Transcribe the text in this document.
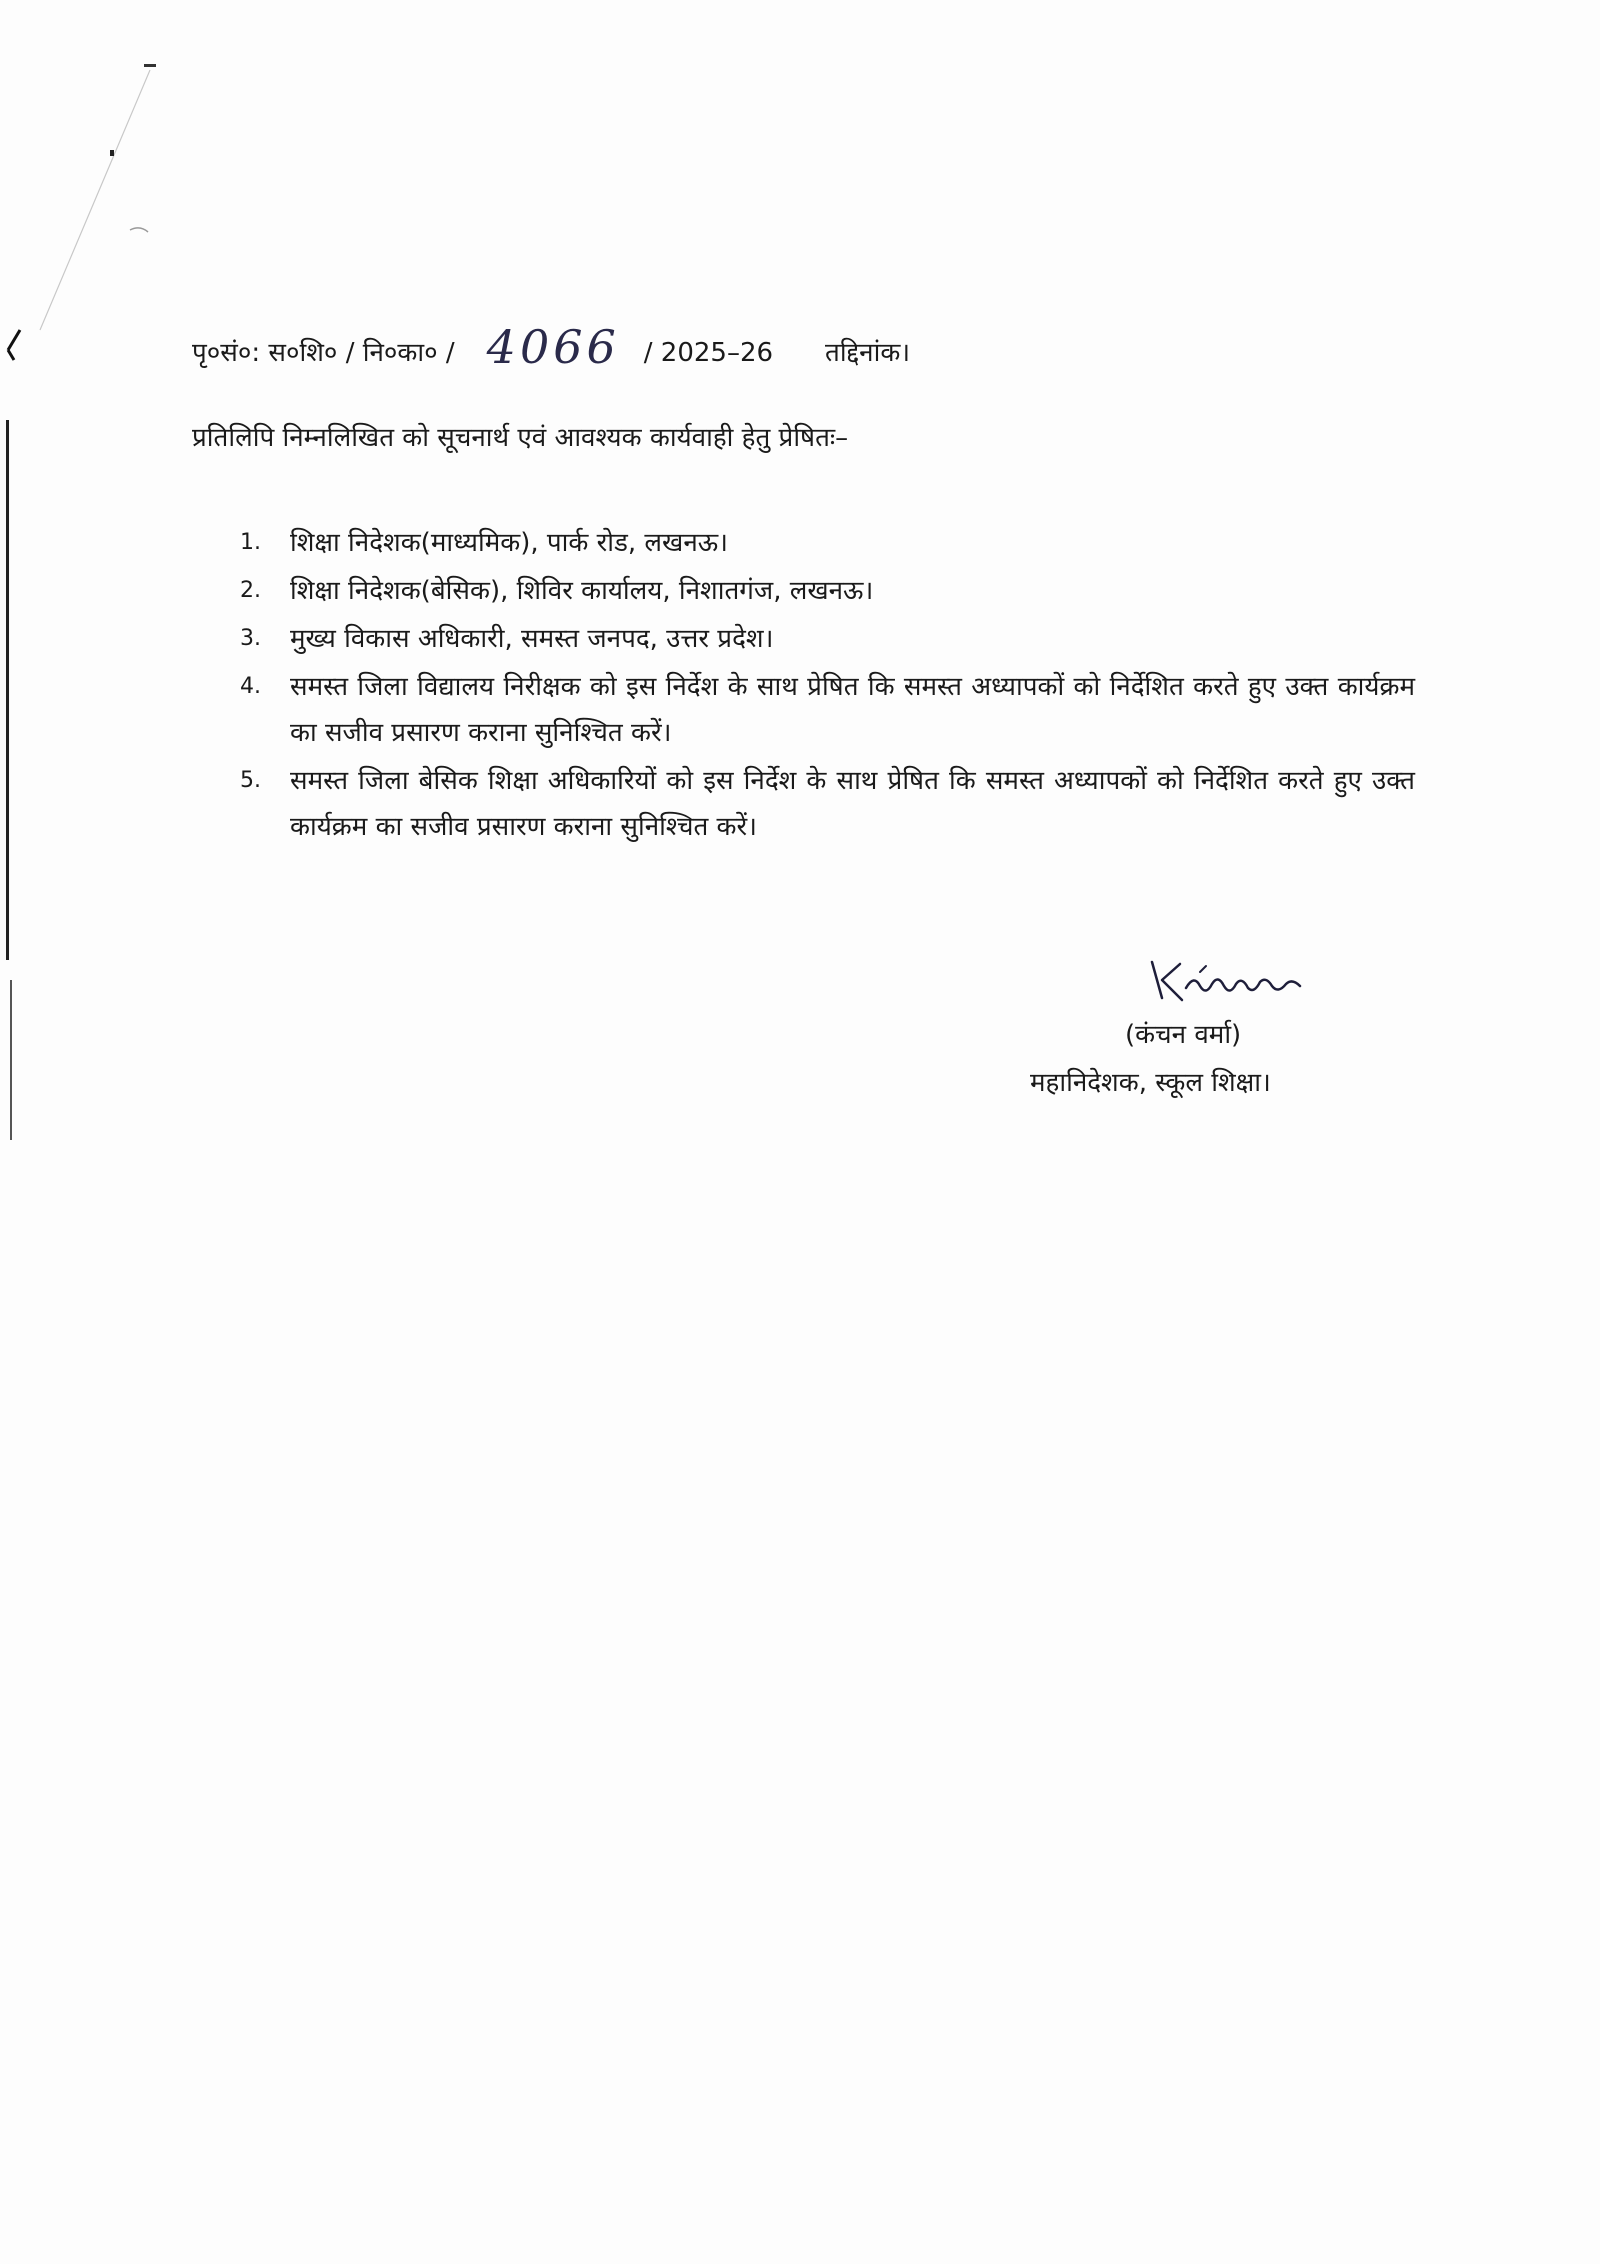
पृ०सं०: स०शि० / नि०का० / 4066 / 2025–26 तद्दिनांक।
प्रतिलिपि निम्नलिखित को सूचनार्थ एवं आवश्यक कार्यवाही हेतु प्रेषितः–
1.	शिक्षा निदेशक(माध्यमिक), पार्क रोड, लखनऊ।
2.	शिक्षा निदेशक(बेसिक), शिविर कार्यालय, निशातगंज, लखनऊ।
3.	मुख्य विकास अधिकारी, समस्त जनपद, उत्तर प्रदेश।
4.	समस्त जिला विद्यालय निरीक्षक को इस निर्देश के साथ प्रेषित कि समस्त अध्यापकों को निर्देशित करते हुए उक्त कार्यक्रम का सजीव प्रसारण कराना सुनिश्चित करें।
5.	समस्त जिला बेसिक शिक्षा अधिकारियों को इस निर्देश के साथ प्रेषित कि समस्त अध्यापकों को निर्देशित करते हुए उक्त कार्यक्रम का सजीव प्रसारण कराना सुनिश्चित करें।
(कंचन वर्मा)
महानिदेशक, स्कूल शिक्षा।
